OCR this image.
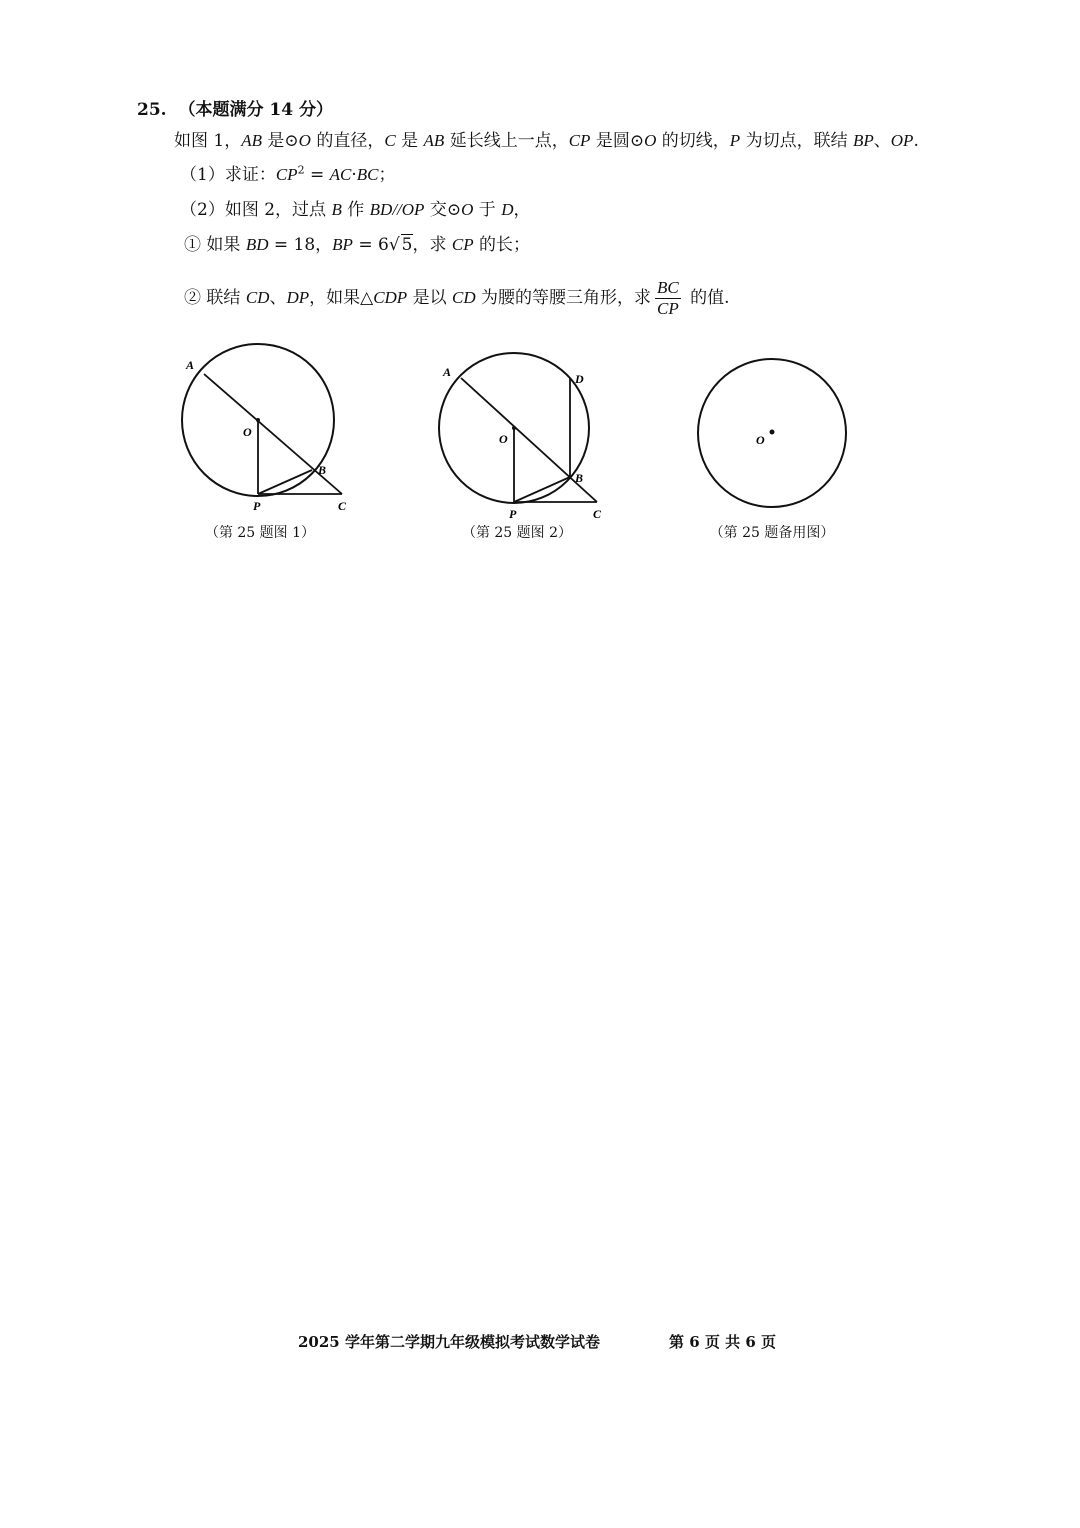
25. （本题满分 14 分）
如图 1，AB 是⊙O 的直径，C 是 AB 延长线上一点，CP 是圆⊙O 的切线，P 为切点，联结 BP、OP.
（1）求证：$CP^2 = AC\cdot BC$；
（2）如图 2，过点 B 作 BD//OP 交⊙O 于 D，
① 如果 BD = 18，BP = 6√ 5，求 CP 的长；
② 联结 CD、DP，如果△CDP 是以 CD 为腰的等腰三角形，求 $\frac{BC}{CP}$ 的值.
A
O
B
P	C
（第 25 题图 1）
A
O
B
P	C
D
（第 25 题图 2）
O
（第 25 题备用图）
2025 学年第二学期九年级模拟考试数学试卷	第 6 页 共 6 页
